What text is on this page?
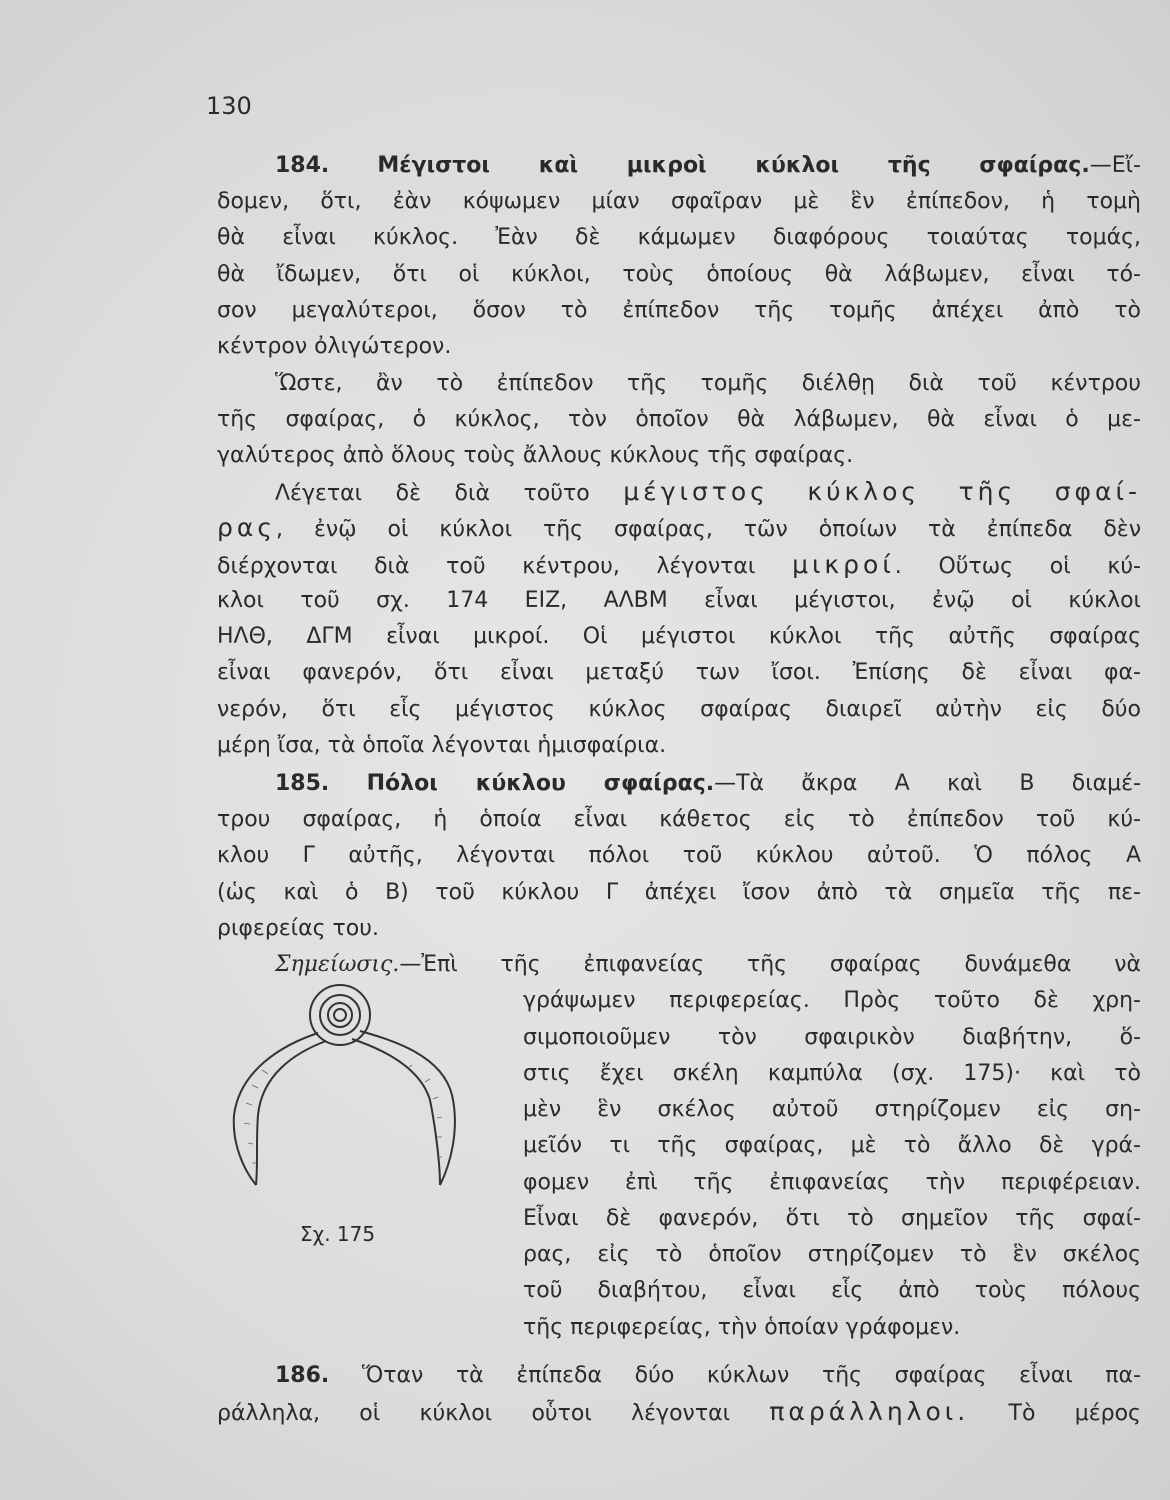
130
184. Μέγιστοι καὶ μικροὶ κύκλοι τῆς σφαίρας.—Εἴ-
δομεν, ὅτι, ἐὰν κόψωμεν μίαν σφαῖραν μὲ ἓν ἐπίπεδον, ἡ τομὴ
θὰ εἶναι κύκλος. Ἐὰν δὲ κάμωμεν διαφόρους τοιαύτας τομάς,
θὰ ἴδωμεν, ὅτι οἱ κύκλοι, τοὺς ὁποίους θὰ λάβωμεν, εἶναι τό-
σον μεγαλύτεροι, ὅσον τὸ ἐπίπεδον τῆς τομῆς ἀπέχει ἀπὸ τὸ
κέντρον ὀλιγώτερον.
Ὥστε, ἂν τὸ ἐπίπεδον τῆς τομῆς διέλθῃ διὰ τοῦ κέντρου
τῆς σφαίρας, ὁ κύκλος, τὸν ὁποῖον θὰ λάβωμεν, θὰ εἶναι ὁ με-
γαλύτερος ἀπὸ ὅλους τοὺς ἄλλους κύκλους τῆς σφαίρας.
Λέγεται δὲ διὰ τοῦτο μέγιστος κύκλος τῆς σφαί-
ρας, ἐνῷ οἱ κύκλοι τῆς σφαίρας, τῶν ὁποίων τὰ ἐπίπεδα δὲν
διέρχονται διὰ τοῦ κέντρου, λέγονται μικροί. Οὕτως οἱ κύ-
κλοι τοῦ σχ. 174 ΕΙΖ, ΑΛΒΜ εἶναι μέγιστοι, ἐνῷ οἱ κύκλοι
ΗΛΘ, ΔΓΜ εἶναι μικροί. Οἱ μέγιστοι κύκλοι τῆς αὐτῆς σφαίρας
εἶναι φανερόν, ὅτι εἶναι μεταξύ των ἴσοι. Ἐπίσης δὲ εἶναι φα-
νερόν, ὅτι εἷς μέγιστος κύκλος σφαίρας διαιρεῖ αὐτὴν εἰς δύο
μέρη ἴσα, τὰ ὁποῖα λέγονται ἡμισφαίρια.
185. Πόλοι κύκλου σφαίρας.—Τὰ ἄκρα Α καὶ Β διαμέ-
τρου σφαίρας, ἡ ὁποία εἶναι κάθετος εἰς τὸ ἐπίπεδον τοῦ κύ-
κλου Γ αὐτῆς, λέγονται πόλοι τοῦ κύκλου αὐτοῦ. Ὁ πόλος Α
(ὡς καὶ ὁ Β) τοῦ κύκλου Γ ἀπέχει ἴσον ἀπὸ τὰ σημεῖα τῆς πε-
ριφερείας του.
Σημείωσις.—Ἐπὶ τῆς ἐπιφανείας τῆς σφαίρας δυνάμεθα νὰ
γράψωμεν περιφερείας. Πρὸς τοῦτο δὲ χρη-
σιμοποιοῦμεν τὸν σφαιρικὸν διαβήτην, ὅ-
στις ἔχει σκέλη καμπύλα (σχ. 175)· καὶ τὸ
μὲν ἓν σκέλος αὐτοῦ στηρίζομεν εἰς ση-
μεῖόν τι τῆς σφαίρας, μὲ τὸ ἄλλο δὲ γρά-
φομεν ἐπὶ τῆς ἐπιφανείας τὴν περιφέρειαν.
Εἶναι δὲ φανερόν, ὅτι τὸ σημεῖον τῆς σφαί-
ρας, εἰς τὸ ὁποῖον στηρίζομεν τὸ ἓν σκέλος
τοῦ διαβήτου, εἶναι εἷς ἀπὸ τοὺς πόλους
τῆς περιφερείας, τὴν ὁποίαν γράφομεν.
Σχ. 175
186. Ὅταν τὰ ἐπίπεδα δύο κύκλων τῆς σφαίρας εἶναι πα-
ράλληλα, οἱ κύκλοι οὗτοι λέγονται παράλληλοι. Τὸ μέρος
